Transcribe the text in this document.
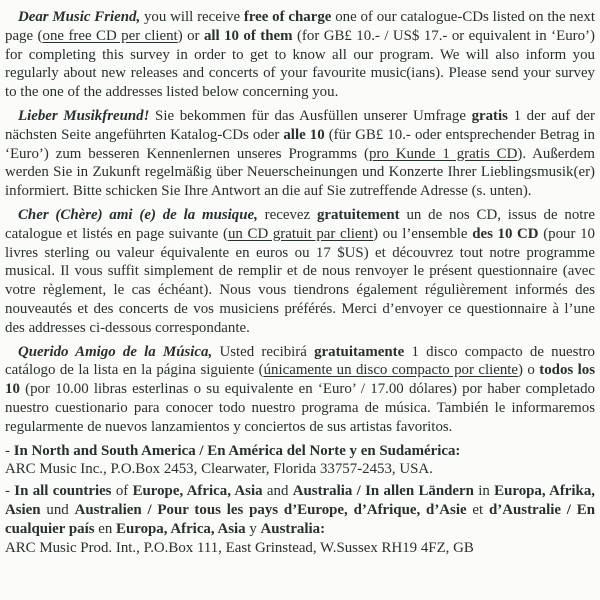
Dear Music Friend, you will receive free of charge one of our catalogue-CDs listed on the next page (one free CD per client) or all 10 of them (for GB£ 10.- / US$ 17.- or equivalent in ‘Euro’) for completing this survey in order to get to know all our program. We will also inform you regularly about new releases and concerts of your favourite music(ians). Please send your survey to the one of the addresses listed below concerning you.

Lieber Musikfreund! Sie bekommen für das Ausfüllen unserer Umfrage gratis 1 der auf der nächsten Seite angeführten Katalog-CDs oder alle 10 (für GB£ 10.- oder entsprechender Betrag in ‘Euro’) zum besseren Kennenlernen unseres Programms (pro Kunde 1 gratis CD). Außerdem werden Sie in Zukunft regelmäßig über Neuerscheinungen und Konzerte Ihrer Lieblingsmusik(er) informiert. Bitte schicken Sie Ihre Antwort an die auf Sie zutreffende Adresse (s. unten).

Cher (Chère) ami (e) de la musique, recevez gratuitement un de nos CD, issus de notre catalogue et listés en page suivante (un CD gratuit par client) ou l’ensemble des 10 CD (pour 10 livres sterling ou valeur équivalente en euros ou 17 $US) et découvrez tout notre programme musical. Il vous suffit simplement de remplir et de nous renvoyer le présent questionnaire (avec votre règlement, le cas échéant). Nous vous tiendrons également régulièrement informés des nouveautés et des concerts de vos musiciens préférés. Merci d’envoyer ce questionnaire à l’une des addresses ci-dessous correspondante.

Querido Amigo de la Música, Usted recibirá gratuitamente 1 disco compacto de nuestro catálogo de la lista en la página siguiente (únicamente un disco compacto por cliente) o todos los 10 (por 10.00 libras esterlinas o su equivalente en ‘Euro’ / 17.00 dólares) por haber completado nuestro cuestionario para conocer todo nuestro programa de música. También le informaremos regularmente de nuevos lanzamientos y conciertos de sus artistas favoritos.

- In North and South America / En América del Norte y en Sudamérica:

ARC Music Inc., P.O.Box 2453, Clearwater, Florida 33757-2453, USA.

- In all countries of Europe, Africa, Asia and Australia / In allen Ländern in Europa, Afrika, Asien und Australien / Pour tous les pays d’Europe, d’Afrique, d’Asie et d’Australie / En cualquier país en Europa, Africa, Asia y Australia:

ARC Music Prod. Int., P.O.Box 111, East Grinstead, W.Sussex RH19 4FZ, GB
